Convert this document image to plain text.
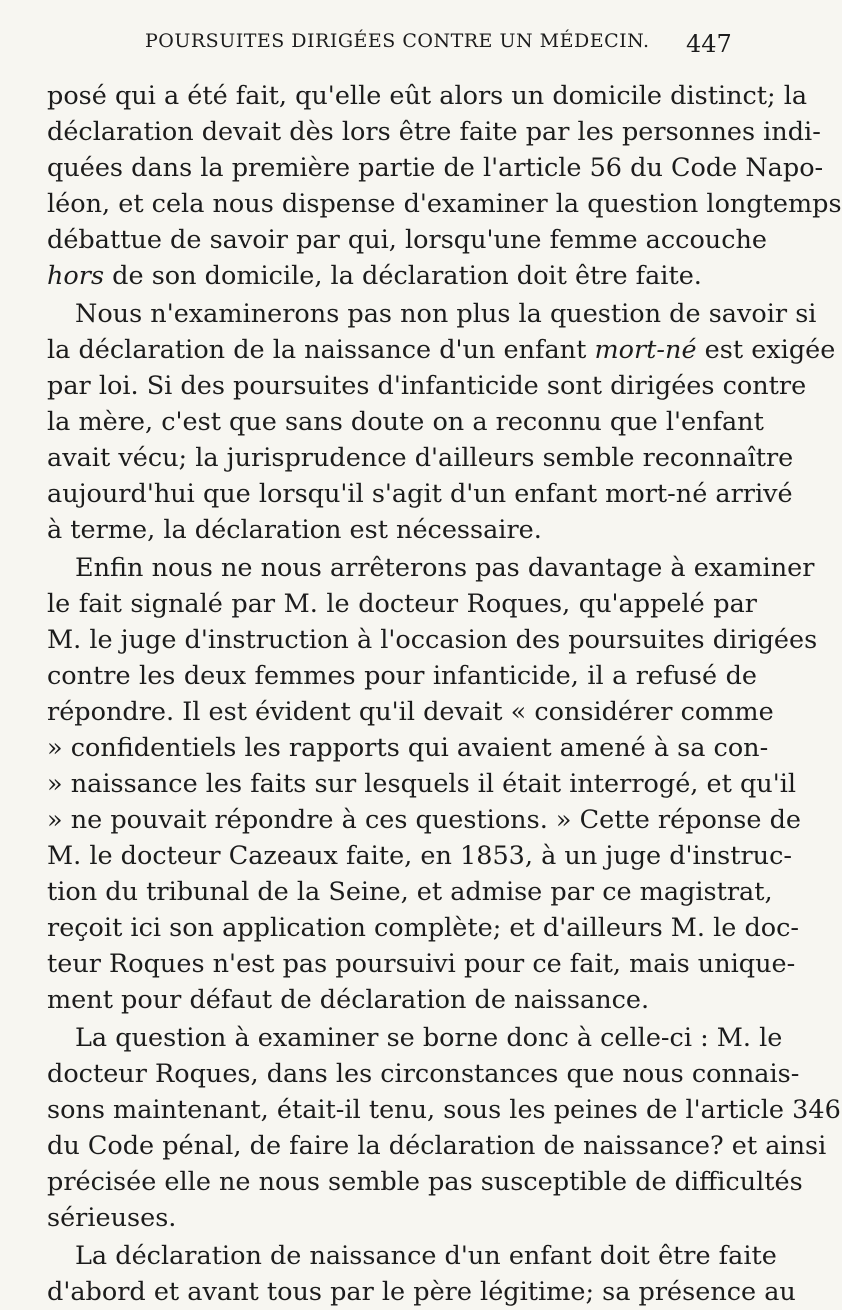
POURSUITES DIRIGÉES CONTRE UN MÉDECIN. 447
posé qui a été fait, qu'elle eût alors un domicile distinct; la
déclaration devait dès lors être faite par les personnes indi-
quées dans la première partie de l'article 56 du Code Napo-
léon, et cela nous dispense d'examiner la question longtemps
débattue de savoir par qui, lorsqu'une femme accouche
hors de son domicile, la déclaration doit être faite.
Nous n'examinerons pas non plus la question de savoir si
la déclaration de la naissance d'un enfant mort-né est exigée
par loi. Si des poursuites d'infanticide sont dirigées contre
la mère, c'est que sans doute on a reconnu que l'enfant
avait vécu; la jurisprudence d'ailleurs semble reconnaître
aujourd'hui que lorsqu'il s'agit d'un enfant mort-né arrivé
à terme, la déclaration est nécessaire.
Enfin nous ne nous arrêterons pas davantage à examiner
le fait signalé par M. le docteur Roques, qu'appelé par
M. le juge d'instruction à l'occasion des poursuites dirigées
contre les deux femmes pour infanticide, il a refusé de
répondre. Il est évident qu'il devait « considérer comme
» confidentiels les rapports qui avaient amené à sa con-
» naissance les faits sur lesquels il était interrogé, et qu'il
» ne pouvait répondre à ces questions. » Cette réponse de
M. le docteur Cazeaux faite, en 1853, à un juge d'instruc-
tion du tribunal de la Seine, et admise par ce magistrat,
reçoit ici son application complète; et d'ailleurs M. le doc-
teur Roques n'est pas poursuivi pour ce fait, mais unique-
ment pour défaut de déclaration de naissance.
La question à examiner se borne donc à celle-ci : M. le
docteur Roques, dans les circonstances que nous connais-
sons maintenant, était-il tenu, sous les peines de l'article 346
du Code pénal, de faire la déclaration de naissance? et ainsi
précisée elle ne nous semble pas susceptible de difficultés
sérieuses.
La déclaration de naissance d'un enfant doit être faite
d'abord et avant tous par le père légitime; sa présence au
